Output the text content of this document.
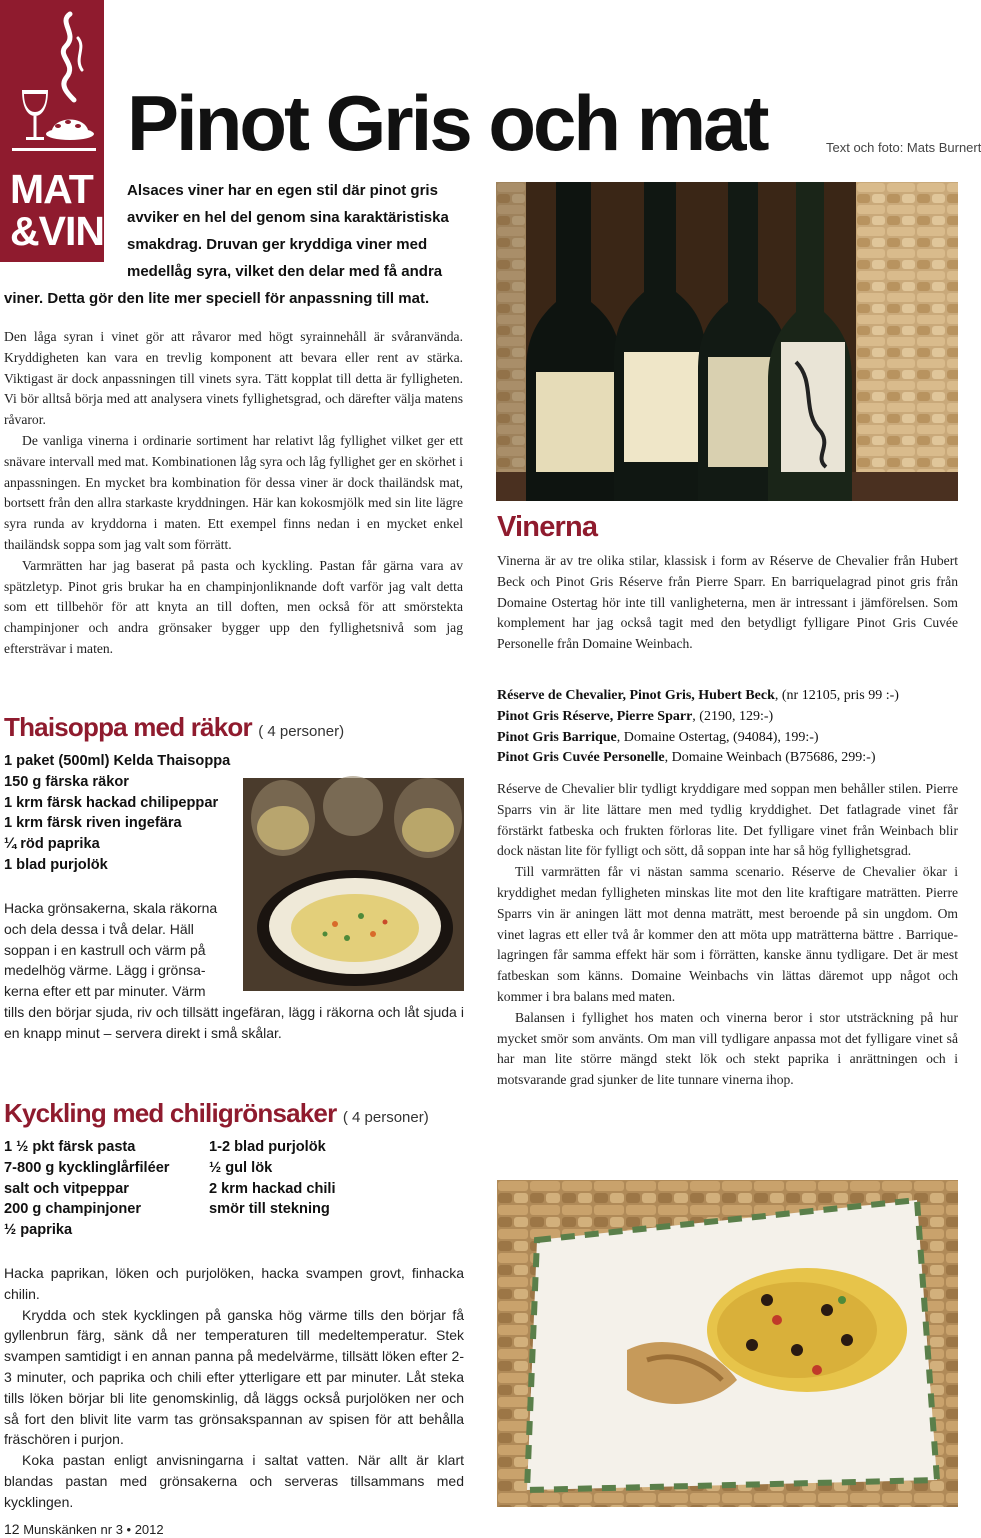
MAT
&VIN
Pinot Gris och mat	Text och foto: Mats Burnert
Alsaces viner har en egen stil där pinot gris
avviker en hel del genom sina karaktäristiska
smakdrag. Druvan ger kryddiga viner med
medellåg syra, vilket den delar med få andra
viner. Detta gör den lite mer speciell för anpassning till mat.

Den låga syran i vinet gör att råvaror med högt syrainnehåll är svåranvända. Kryddigheten kan vara en trevlig komponent att bevara eller rent av stärka. Viktigast är dock anpassningen till vinets syra. Tätt kopplat till detta är fylligheten. Vi bör alltså börja med att analysera vinets fyllighetsgrad, och därefter välja matens råvaror.

De vanliga vinerna i ordinarie sortiment har relativt låg fyllighet vilket ger ett snävare intervall med mat. Kombinationen låg syra och låg fyllighet ger en skörhet i anpassningen. En mycket bra kombination för dessa viner är dock thailändsk mat, bortsett från den allra starkaste kryddningen. Här kan kokosmjölk med sin lite lägre syra runda av kryddorna i maten. Ett exempel finns nedan i en mycket enkel thailändsk soppa som jag valt som förrätt.

Varmrätten har jag baserat på pasta och kyckling. Pastan får gärna vara av spätzletyp. Pinot gris brukar ha en champinjonliknande doft varför jag valt detta som ett tillbehör för att knyta an till doften, men också för att smörstekta champinjoner och andra grönsaker bygger upp den fyllighetsnivå som jag eftersträvar i maten.

Thaisoppa med räkor ( 4 personer)
1 paket (500ml) Kelda Thaisoppa
150 g färska räkor
1 krm färsk hackad chilipeppar
1 krm färsk riven ingefära
¼ röd paprika
1 blad purjolök
Hacka grönsakerna, skala räkorna
och dela dessa i två delar. Häll
soppan i en kastrull och värm på
medelhög värme. Lägg i grönsa-
kerna efter ett par minuter. Värm

tills den börjar sjuda, riv och tillsätt ingefäran, lägg i räkorna och låt sjuda i en knapp minut – servera direkt i små skålar.

Kyckling med chiligrönsaker ( 4 personer)
1 ½ pkt färsk pasta
7-800 g kycklinglårfiléer
salt och vitpeppar
200 g champinjoner
½ paprika
1-2 blad purjolök
½ gul lök
2 krm hackad chili
smör till stekning

Hacka paprikan, löken och purjolöken, hacka svampen grovt, finhacka chilin.

Krydda och stek kycklingen på ganska hög värme tills den börjar få gyllenbrun färg, sänk då ner temperaturen till medeltemperatur. Stek svampen samtidigt i en annan panna på medelvärme, tillsätt löken efter 2-3 minuter, och paprika och chili efter ytterligare ett par minuter. Låt steka tills löken börjar bli lite genomskinlig, då läggs också purjolöken ner och så fort den blivit lite varm tas grönsakspannan av spisen för att behålla fräschören i purjon.

Koka pastan enligt anvisningarna i saltat vatten. När allt är klart blandas pastan med grönsakerna och serveras tillsammans med kycklingen.

Vinerna

Vinerna är av tre olika stilar, klassisk i form av Réserve de Chevalier från Hubert Beck och Pinot Gris Réserve från Pierre Sparr. En barriquelagrad pinot gris från Domaine Ostertag hör inte till vanligheterna, men är intressant i jämförelsen. Som komplement har jag också tagit med den betydligt fylligare Pinot Gris Cuvée Personelle från Domaine Weinbach.

Réserve de Chevalier, Pinot Gris, Hubert Beck, (nr 12105, pris 99 :-)
Pinot Gris Réserve, Pierre Sparr, (2190, 129:-)
Pinot Gris Barrique, Domaine Ostertag, (94084), 199:-)
Pinot Gris Cuvée Personelle, Domaine Weinbach (B75686, 299:-)

Réserve de Chevalier blir tydligt kryddigare med soppan men behåller stilen. Pierre Sparrs vin är lite lättare men med tydlig kryddighet. Det fatlagrade vinet får förstärkt fatbeska och frukten förloras lite. Det fylligare vinet från Weinbach blir dock nästan lite för fylligt och sött, då soppan inte har så hög fyllighetsgrad.

Till varmrätten får vi nästan samma scenario. Réserve de Chevalier ökar i kryddighet medan fylligheten minskas lite mot den lite kraftigare maträtten. Pierre Sparrs vin är aningen lätt mot denna maträtt, mest beroende på sin ungdom. Om vinet lagras ett eller två år kommer den att möta upp maträtterna bättre . Barrique-lagringen får samma effekt här som i förrätten, kanske ännu tydligare. Det är mest fatbeskan som känns. Domaine Weinbachs vin lättas däremot upp något och kommer i bra balans med maten.

Balansen i fyllighet hos maten och vinerna beror i stor utsträckning på hur mycket smör som använts. Om man vill tydligare anpassa mot det fylligare vinet så har man lite större mängd stekt lök och stekt paprika i anrättningen och i motsvarande grad sjunker de lite tunnare vinerna ihop.

12 Munskänken nr 3 • 2012
